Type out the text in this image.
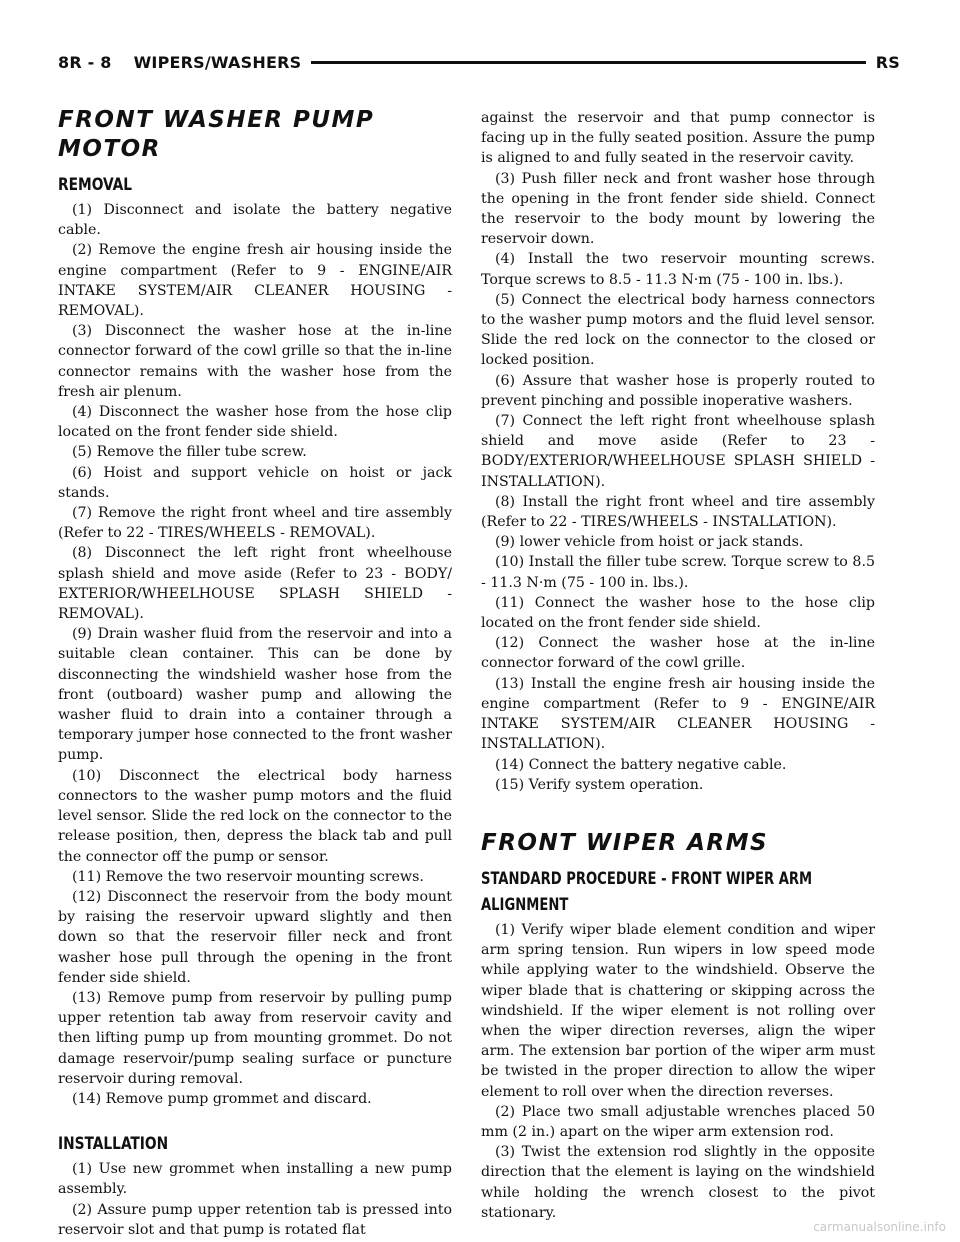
8R - 8 WIPERS/WASHERS	RS
FRONT WASHER PUMP MOTOR
REMOVAL

(1) Disconnect and isolate the battery negative cable.

(2) Remove the engine fresh air housing inside the engine compartment (Refer to 9 - ENGINE/AIR INTAKE SYSTEM/AIR CLEANER HOUSING - REMOVAL).

(3) Disconnect the washer hose at the in-line connector forward of the cowl grille so that the in-line connector remains with the washer hose from the fresh air plenum.

(4) Disconnect the washer hose from the hose clip located on the front fender side shield.

(5) Remove the filler tube screw.

(6) Hoist and support vehicle on hoist or jack stands.

(7) Remove the right front wheel and tire assembly (Refer to 22 - TIRES/WHEELS - REMOVAL).

(8) Disconnect the left right front wheelhouse splash shield and move aside (Refer to 23 - BODY/ EXTERIOR/WHEELHOUSE SPLASH SHIELD - REMOVAL).

(9) Drain washer fluid from the reservoir and into a suitable clean container. This can be done by disconnecting the windshield washer hose from the front (outboard) washer pump and allowing the washer fluid to drain into a container through a temporary jumper hose connected to the front washer pump.

(10) Disconnect the electrical body harness connectors to the washer pump motors and the fluid level sensor. Slide the red lock on the connector to the release position, then, depress the black tab and pull the connector off the pump or sensor.

(11) Remove the two reservoir mounting screws.

(12) Disconnect the reservoir from the body mount by raising the reservoir upward slightly and then down so that the reservoir filler neck and front washer hose pull through the opening in the front fender side shield.

(13) Remove pump from reservoir by pulling pump upper retention tab away from reservoir cavity and then lifting pump up from mounting grommet. Do not damage reservoir/pump sealing surface or puncture reservoir during removal.

(14) Remove pump grommet and discard.

INSTALLATION

(1) Use new grommet when installing a new pump assembly.

(2) Assure pump upper retention tab is pressed into reservoir slot and that pump is rotated flat

against the reservoir and that pump connector is facing up in the fully seated position. Assure the pump is aligned to and fully seated in the reservoir cavity.

(3) Push filler neck and front washer hose through the opening in the front fender side shield. Connect the reservoir to the body mount by lowering the reservoir down.

(4) Install the two reservoir mounting screws. Torque screws to 8.5 - 11.3 N·m (75 - 100 in. lbs.).

(5) Connect the electrical body harness connectors to the washer pump motors and the fluid level sensor. Slide the red lock on the connector to the closed or locked position.

(6) Assure that washer hose is properly routed to prevent pinching and possible inoperative washers.

(7) Connect the left right front wheelhouse splash shield and move aside (Refer to 23 - BODY/EXTERIOR/WHEELHOUSE SPLASH SHIELD - INSTALLATION).

(8) Install the right front wheel and tire assembly (Refer to 22 - TIRES/WHEELS - INSTALLATION).

(9) lower vehicle from hoist or jack stands.

(10) Install the filler tube screw. Torque screw to 8.5 - 11.3 N·m (75 - 100 in. lbs.).

(11) Connect the washer hose to the hose clip located on the front fender side shield.

(12) Connect the washer hose at the in-line connector forward of the cowl grille.

(13) Install the engine fresh air housing inside the engine compartment (Refer to 9 - ENGINE/AIR INTAKE SYSTEM/AIR CLEANER HOUSING - INSTALLATION).

(14) Connect the battery negative cable.

(15) Verify system operation.

FRONT WIPER ARMS
STANDARD PROCEDURE - FRONT WIPER ARM ALIGNMENT

(1) Verify wiper blade element condition and wiper arm spring tension. Run wipers in low speed mode while applying water to the windshield. Observe the wiper blade that is chattering or skipping across the windshield. If the wiper element is not rolling over when the wiper direction reverses, align the wiper arm. The extension bar portion of the wiper arm must be twisted in the proper direction to allow the wiper element to roll over when the direction reverses.

(2) Place two small adjustable wrenches placed 50 mm (2 in.) apart on the wiper arm extension rod.

(3) Twist the extension rod slightly in the opposite direction that the element is laying on the windshield while holding the wrench closest to the pivot stationary.

carmanualsonline.info
